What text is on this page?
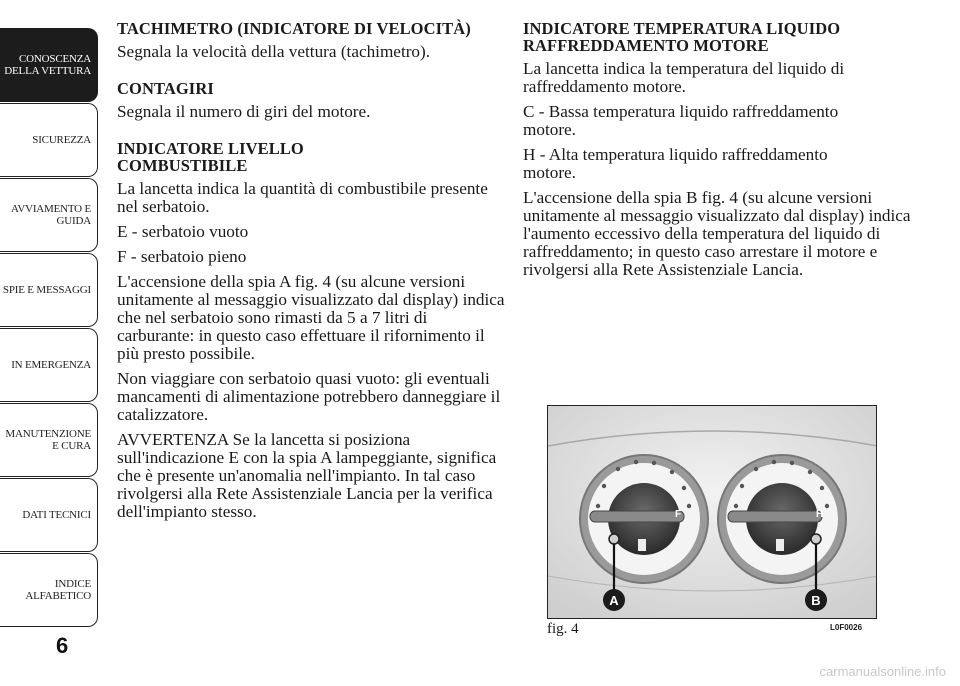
CONOSCENZA DELLA VETTURA
SICUREZZA
AVVIAMENTO E GUIDA
SPIE E MESSAGGI
IN EMERGENZA
MANUTENZIONE E CURA
DATI TECNICI
INDICE ALFABETICO
6
TACHIMETRO (INDICATORE DI VELOCITÀ)

Segnala la velocità della vettura (tachimetro).

CONTAGIRI

Segnala il numero di giri del motore.

INDICATORE LIVELLO COMBUSTIBILE

La lancetta indica la quantità di combustibile presente nel serbatoio.

E - serbatoio vuoto

F - serbatoio pieno

L'accensione della spia A fig. 4 (su alcune versioni unitamente al messaggio visualizzato dal display) indica che nel serbatoio sono rimasti da 5 a 7 litri di carburante: in questo caso effettuare il rifornimento il più presto possibile.

Non viaggiare con serbatoio quasi vuoto: gli eventuali mancamenti di alimentazione potrebbero danneggiare il catalizzatore.

AVVERTENZA Se la lancetta si posiziona sull'indicazione E con la spia A lampeggiante, significa che è presente un'anomalia nell'impianto. In tal caso rivolgersi alla Rete Assistenziale Lancia per la verifica dell'impianto stesso.

INDICATORE TEMPERATURA LIQUIDO RAFFREDDAMENTO MOTORE

La lancetta indica la temperatura del liquido di raffreddamento motore.

C - Bassa temperatura liquido raffreddamento motore.

H - Alta temperatura liquido raffreddamento motore.

L'accensione della spia B fig. 4 (su alcune versioni unitamente al messaggio visualizzato dal display) indica l'aumento eccessivo della temperatura del liquido di raffreddamento; in questo caso arrestare il motore e rivolgersi alla Rete Assistenziale Lancia.

F	H
A	B
fig. 4	L0F0026
carmanualsonline.info
